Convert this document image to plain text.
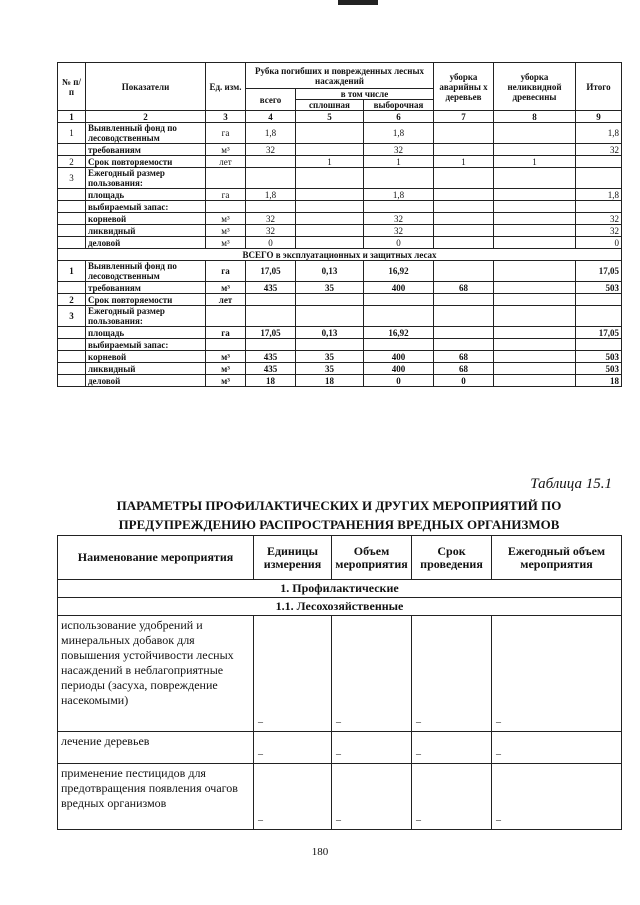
№ п/п	Показатели	Ед. изм.	Рубка погибших и поврежденных лесных насаждений			уборка аварийны х деревьев	уборка неликвидной древесины	Итого
			всего	в том числе				
				сплошная	выборочная			
1	2	3	4	5	6	7	8	9
1	Выявленный фонд по лесоводственным	га	1,8		1,8			1,8
	требованиям	м³	32		32			32
2	Срок повторяемости	лет		1	1	1	1	
3	Ежегодный размер пользования:							
	площадь	га	1,8		1,8			1,8
	выбираемый запас:							
	корневой	м³	32		32			32
	ликвидный	м³	32		32			32
	деловой	м³	0		0			0
ВСЕГО в эксплуатационных и защитных лесах								
1	Выявленный фонд по лесоводственным	га	17,05	0,13	16,92			17,05
	требованиям	м³	435	35	400	68		503
2	Срок повторяемости	лет						
3	Ежегодный размер пользования:							
	площадь	га	17,05	0,13	16,92			17,05
	выбираемый запас:							
	корневой	м³	435	35	400	68		503
	ликвидный	м³	435	35	400	68		503
	деловой	м³	18	18	0	0		18
Таблица 15.1
ПАРАМЕТРЫ ПРОФИЛАКТИЧЕСКИХ И ДРУГИХ МЕРОПРИЯТИЙ ПО
ПРЕДУПРЕЖДЕНИЮ РАСПРОСТРАНЕНИЯ ВРЕДНЫХ ОРГАНИЗМОВ
Наименование мероприятия	Единицы измерения	Объем мероприятия	Срок проведения	Ежегодный объем мероприятия
1. Профилактические				
1.1. Лесохозяйственные				
использование удобрений и минеральных добавок для повышения устойчивости лесных насаждений в неблагоприятные периоды (засуха, повреждение насекомыми)	–	–	–	–
лечение деревьев	–	–	–	–
применение пестицидов для предотвращения появления очагов вредных организмов	–	–	–	–
180
